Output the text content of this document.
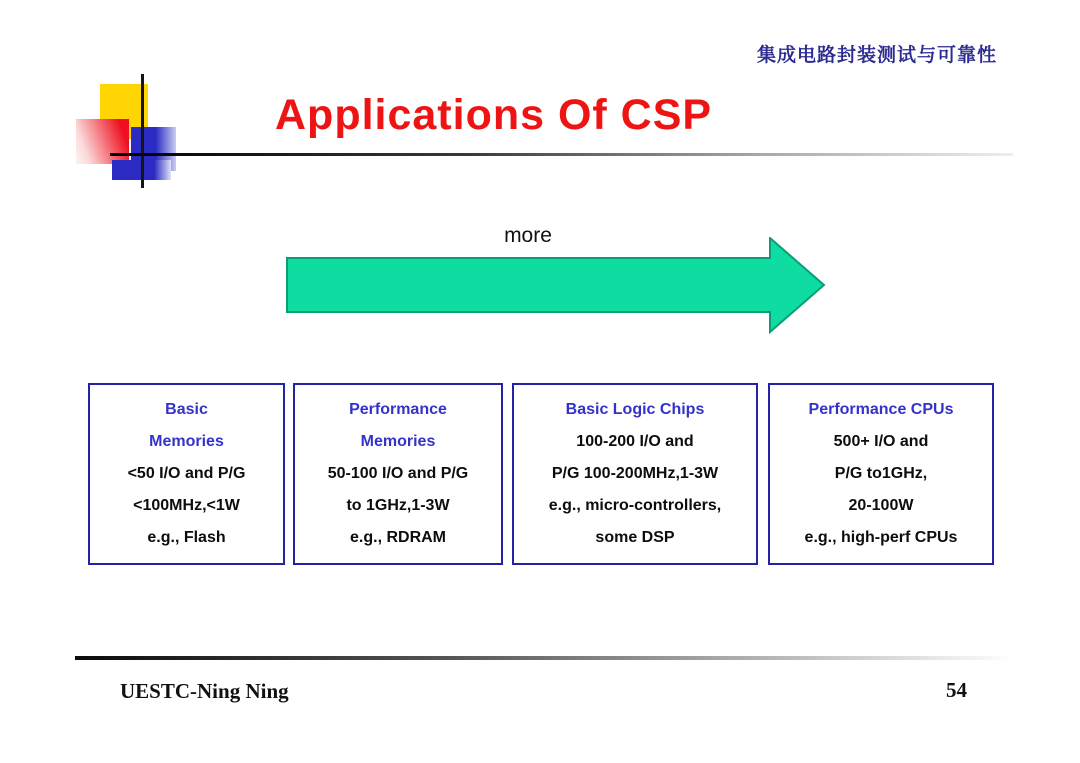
集成电路封装测试与可靠性
Applications Of CSP
more
Basic
Memories
<50 I/O and P/G
<100MHz,<1W
e.g., Flash
Performance
Memories
50-100 I/O and P/G
to 1GHz,1-3W
e.g., RDRAM
Basic Logic Chips
100-200 I/O and
P/G 100-200MHz,1-3W
e.g., micro-controllers,
some DSP
Performance CPUs
500+ I/O and
P/G to1GHz,
20-100W
e.g., high-perf CPUs
UESTC-Ning Ning	54
